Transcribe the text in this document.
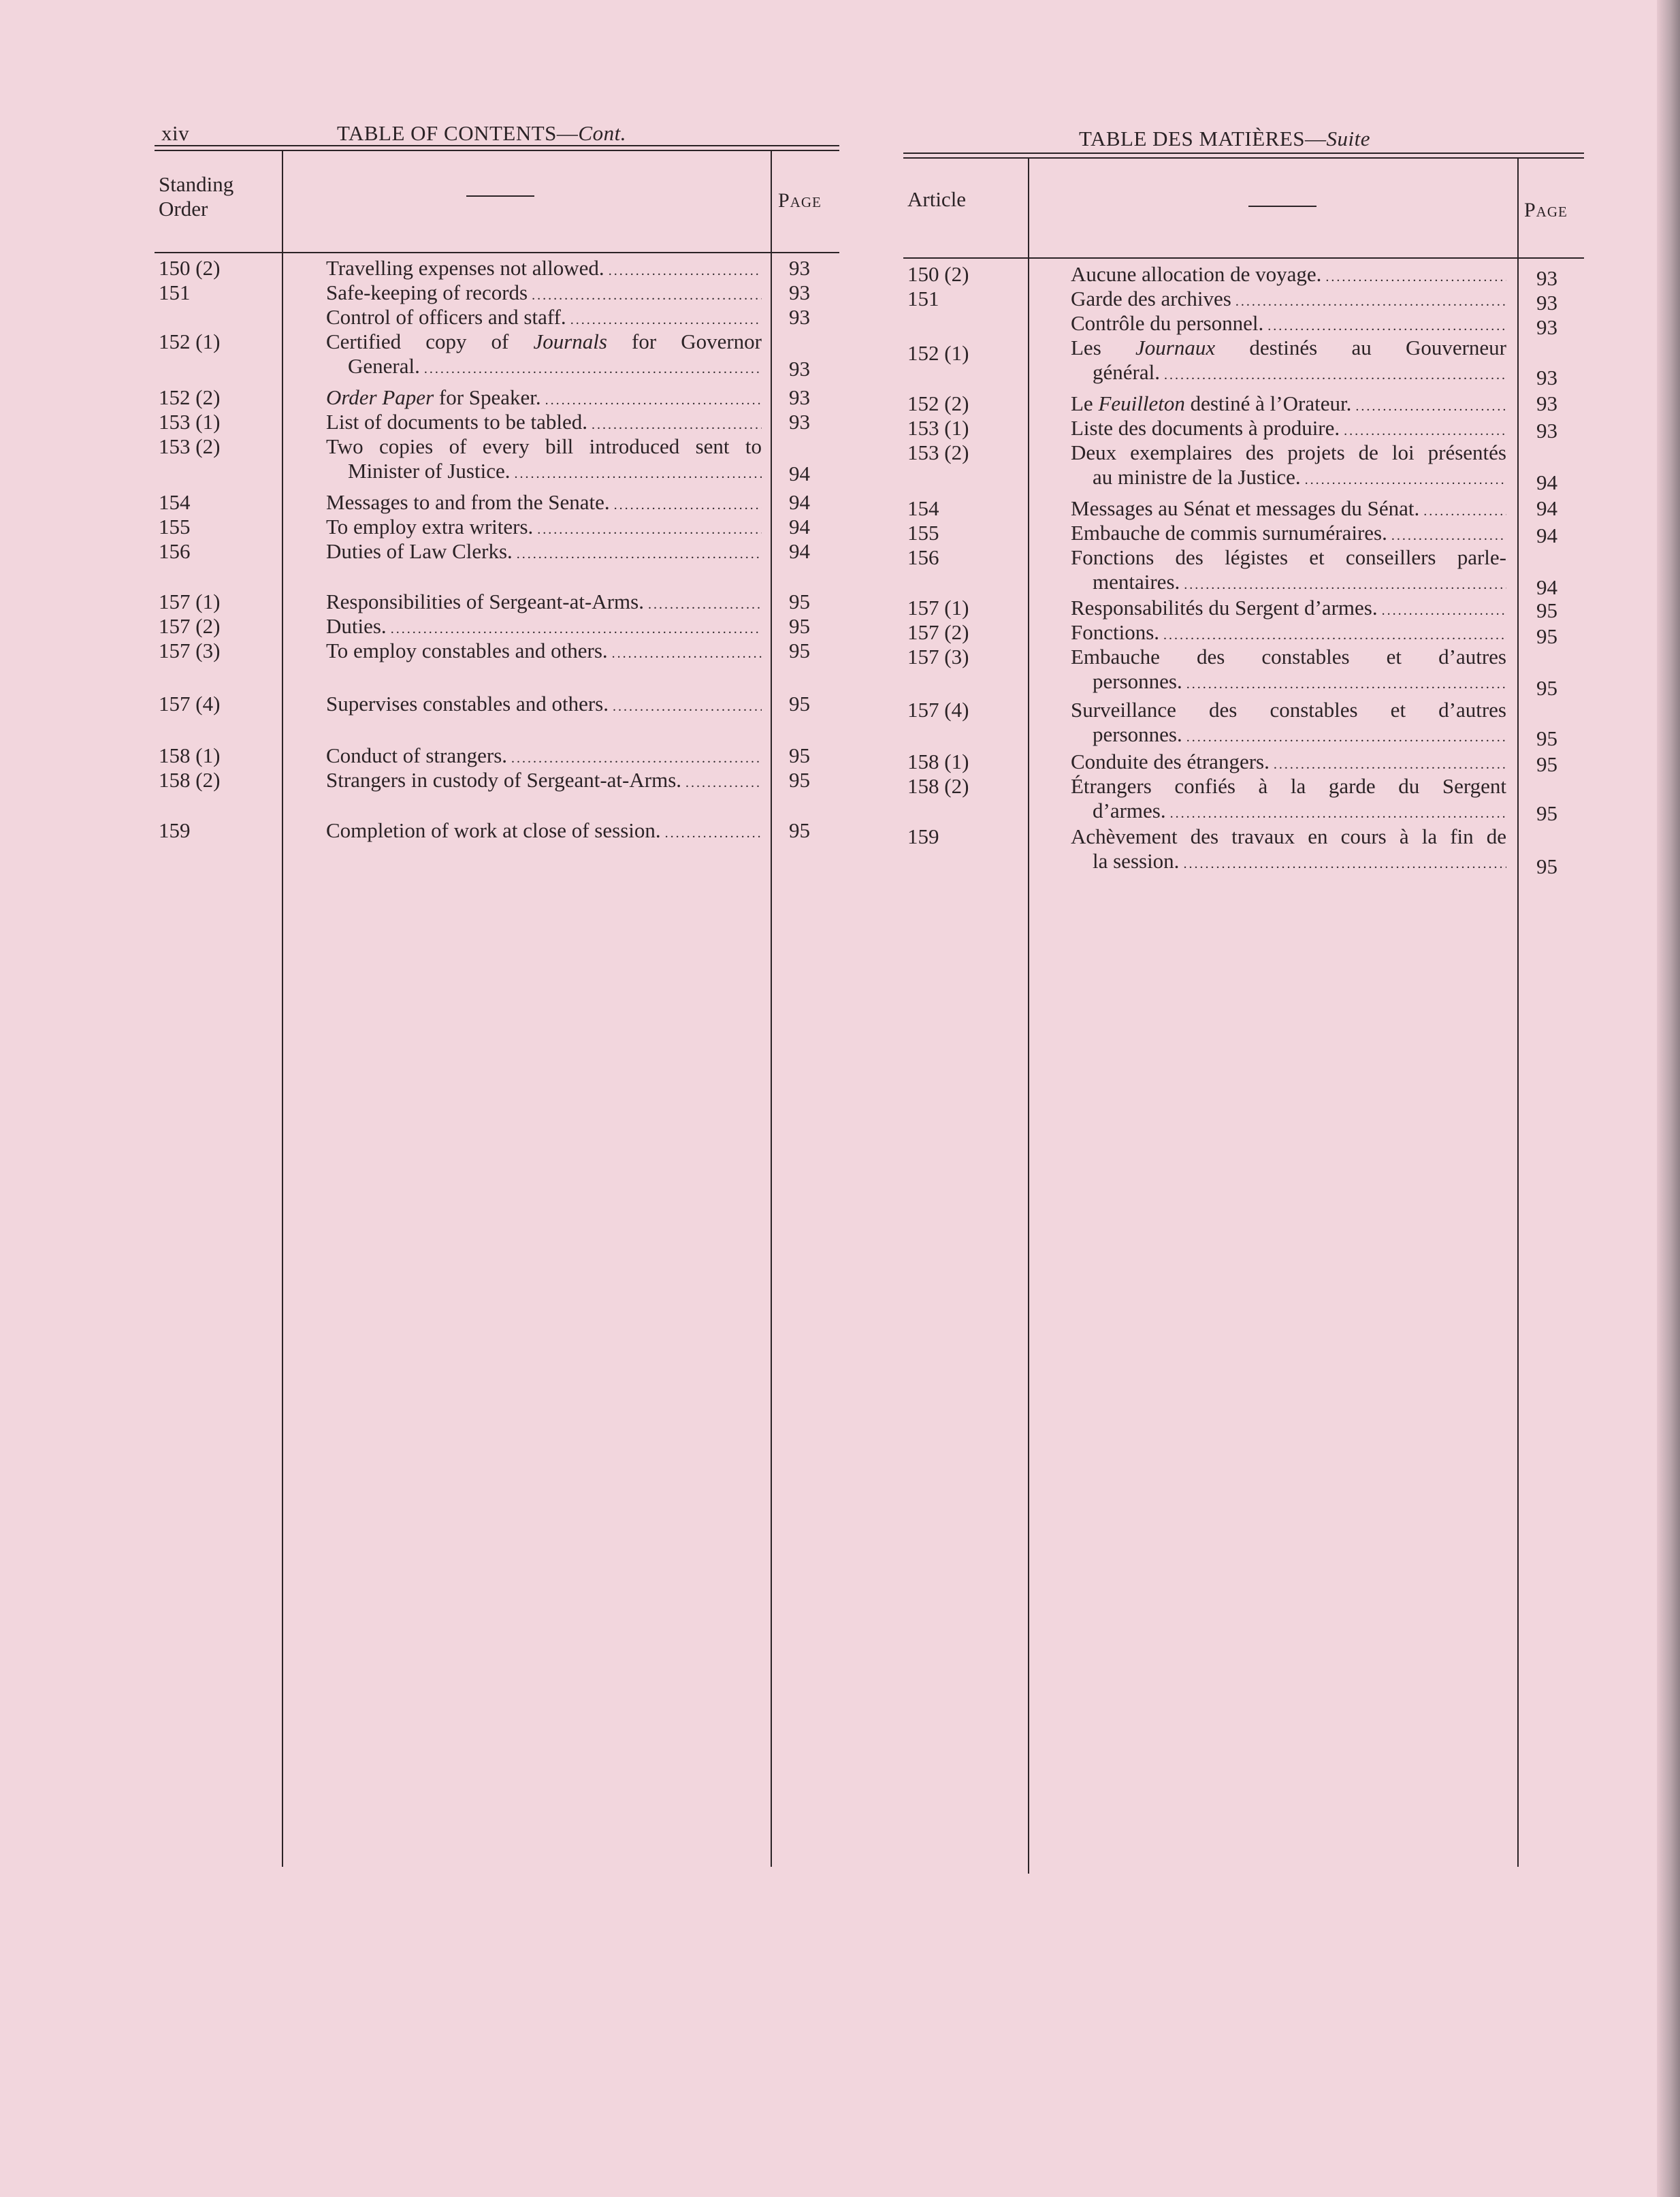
xiv	TABLE OF CONTENTS—Cont.
Standing
Order	Page
150 (2)	Travelling expenses not allowed. .....	93
151	Safe-keeping of records .....	93
Control of officers and staff. .....	93
152 (1)	Certified copy of Journals for Governor
General. .....	93
152 (2)	Order Paper for Speaker. .....	93
153 (1)	List of documents to be tabled. .....	93
153 (2)	Two copies of every bill introduced sent to
Minister of Justice. .....	94
154	Messages to and from the Senate. .....	94
155	To employ extra writers. .....	94
156	Duties of Law Clerks. .....	94
157 (1)	Responsibilities of Sergeant-at-Arms. .....	95
157 (2)	Duties. .....	95
157 (3)	To employ constables and others. .....	95
157 (4)	Supervises constables and others. .....	95
158 (1)	Conduct of strangers. .....	95
158 (2)	Strangers in custody of Sergeant-at-Arms. .....	95
159	Completion of work at close of session. .....	95
TABLE DES MATIÈRES—Suite
Article	Page
150 (2)	Aucune allocation de voyage. .....	93
151	Garde des archives .....	93
Contrôle du personnel. .....	93
152 (1)	Les Journaux destinés au Gouverneur
général. .....	93
152 (2)	Le Feuilleton destiné à l’Orateur. .....	93
153 (1)	Liste des documents à produire. .....	93
153 (2)	Deux exemplaires des projets de loi présentés
au ministre de la Justice. .....	94
154	Messages au Sénat et messages du Sénat. .....	94
155	Embauche de commis surnuméraires. .....	94
156	Fonctions des légistes et conseillers parle-
mentaires. .....	94
157 (1)	Responsabilités du Sergent d’armes. .....	95
157 (2)	Fonctions. .....	95
157 (3)	Embauche des constables et d’autres
personnes. .....	95
157 (4)	Surveillance des constables et d’autres
personnes. .....	95
158 (1)	Conduite des étrangers. .....	95
158 (2)	Étrangers confiés à la garde du Sergent
d’armes. .....	95
159	Achèvement des travaux en cours à la fin de
la session. .....	95
